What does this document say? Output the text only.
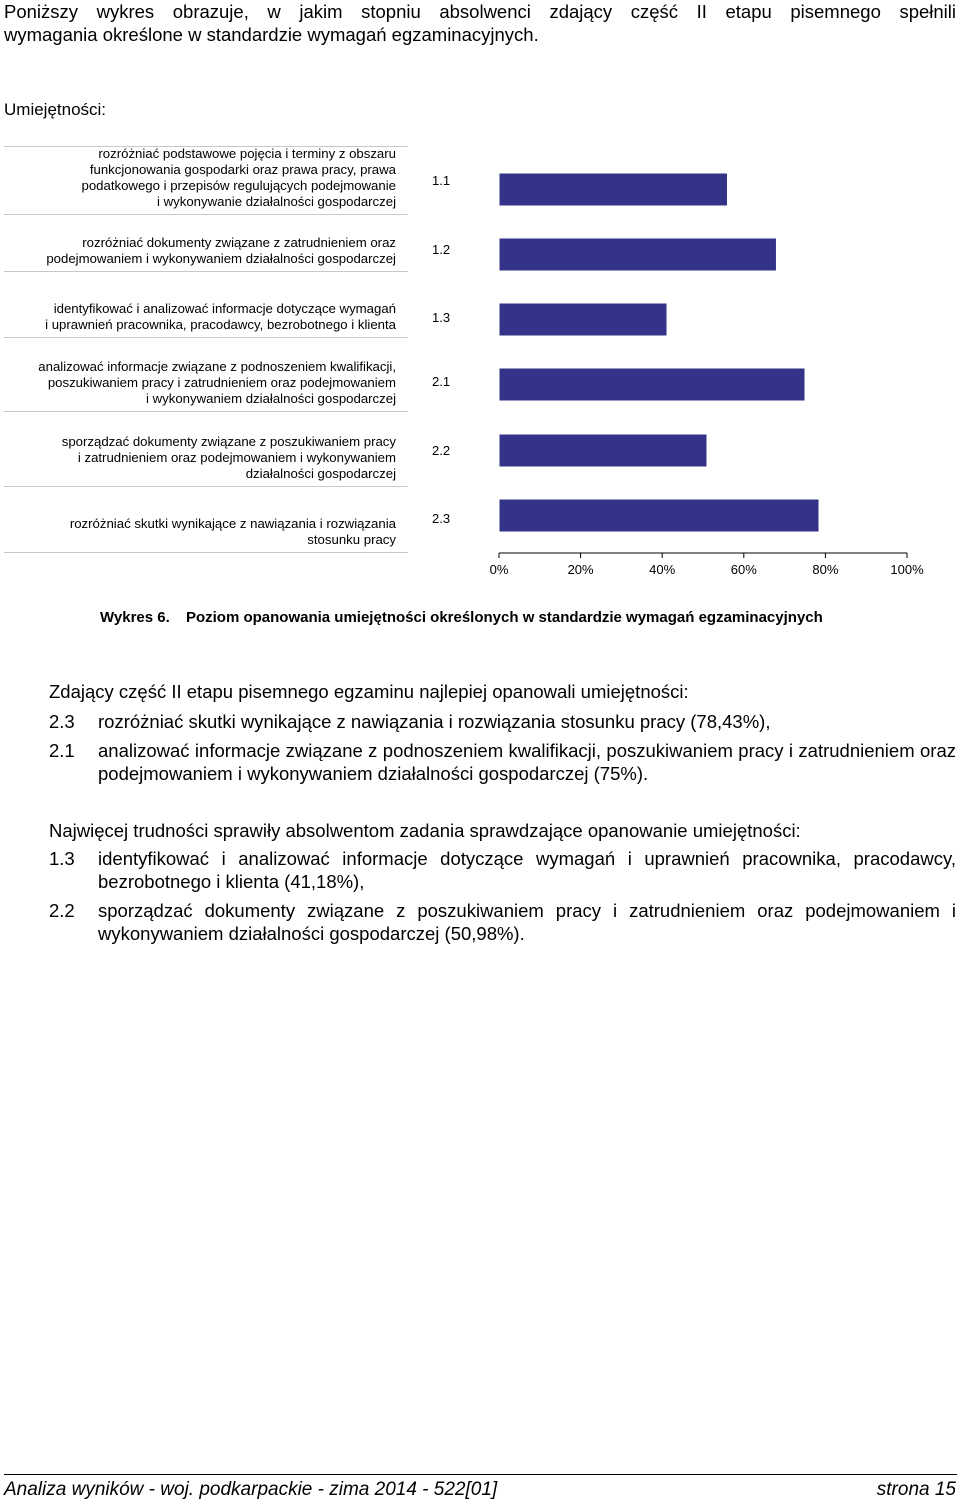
Poniższy wykres obrazuje, w jakim stopniu absolwenci zdający część II etapu pisemnego spełnili
wymagania określone w standardzie wymagań egzaminacyjnych.
Umiejętności:
rozróżniać podstawowe pojęcia i terminy z obszaru
funkcjonowania gospodarki oraz prawa pracy, prawa
podatkowego i przepisów regulujących podejmowanie
i wykonywanie działalności gospodarczej
rozróżniać dokumenty związane z zatrudnieniem oraz
podejmowaniem i wykonywaniem działalności gospodarczej
identyfikować i analizować informacje dotyczące wymagań
i uprawnień pracownika, pracodawcy, bezrobotnego i klienta
analizować informacje związane z podnoszeniem kwalifikacji,
poszukiwaniem pracy i zatrudnieniem oraz podejmowaniem
i wykonywaniem działalności gospodarczej
sporządzać dokumenty związane z poszukiwaniem pracy
i zatrudnieniem oraz podejmowaniem i wykonywaniem
działalności gospodarczej
rozróżniać skutki wynikające z nawiązania i rozwiązania
stosunku pracy
1.1
1.2
1.3
2.1
2.2
2.3
0%	20%	40%	60%	80%	100%
Wykres 6. Poziom opanowania umiejętności określonych w standardzie wymagań egzaminacyjnych
Zdający część II etapu pisemnego egzaminu najlepiej opanowali umiejętności:
2.3 rozróżniać skutki wynikające z nawiązania i rozwiązania stosunku pracy (78,43%),
2.1 analizować informacje związane z podnoszeniem kwalifikacji, poszukiwaniem pracy i zatrudnieniem oraz podejmowaniem i wykonywaniem działalności gospodarczej (75%).
Najwięcej trudności sprawiły absolwentom zadania sprawdzające opanowanie umiejętności:
1.3 identyfikować i analizować informacje dotyczące wymagań i uprawnień pracownika, pracodawcy, bezrobotnego i klienta (41,18%),
2.2 sporządzać dokumenty związane z poszukiwaniem pracy i zatrudnieniem oraz podejmowaniem i wykonywaniem działalności gospodarczej (50,98%).
Analiza wyników - woj. podkarpackie - zima 2014 - 522[01]	strona 15
